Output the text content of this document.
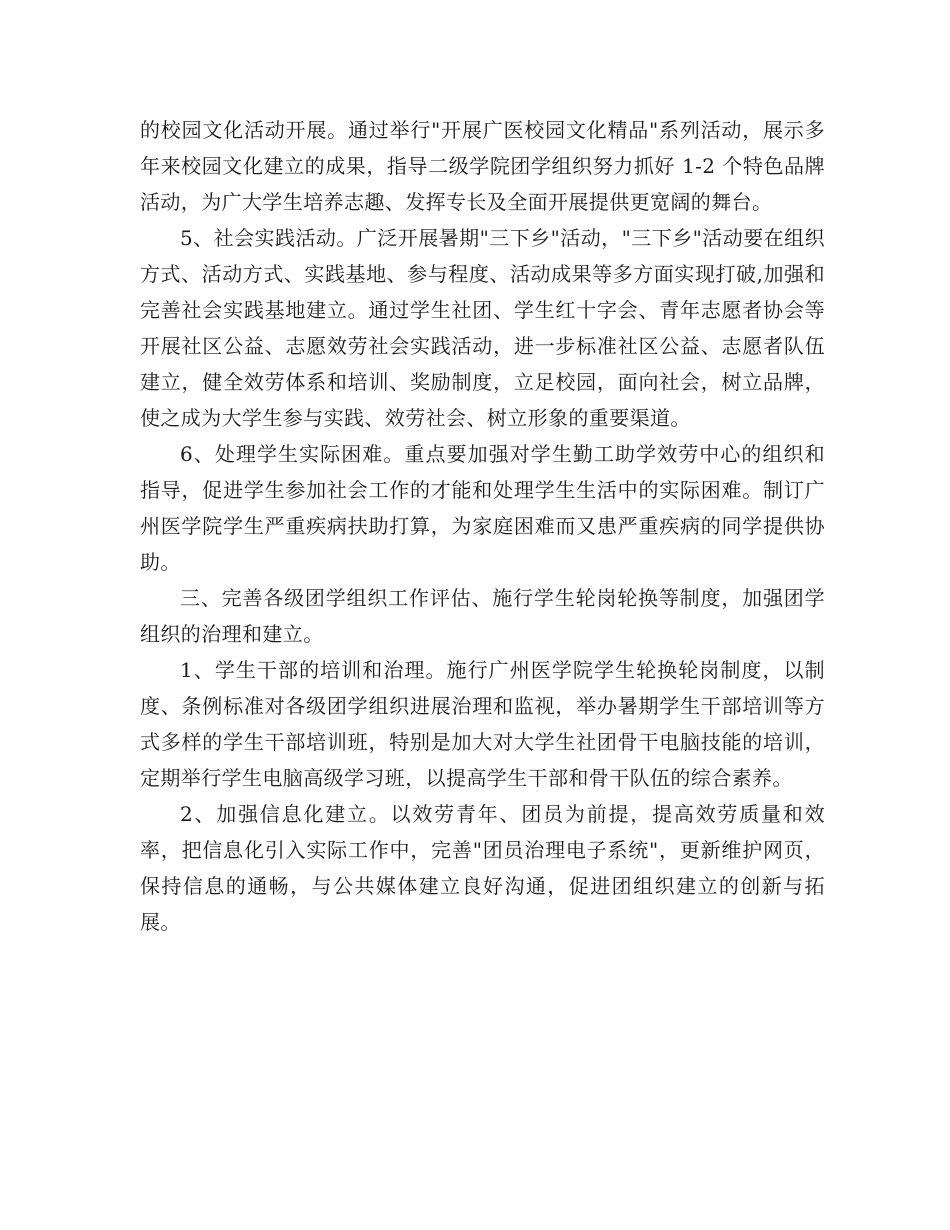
的校园文化活动开展。通过举行"开展广医校园文化精品"系列活动，展示多年来校园文化建立的成果，指导二级学院团学组织努力抓好 1-2 个特色品牌活动，为广大学生培养志趣、发挥专长及全面开展提供更宽阔的舞台。

5、社会实践活动。广泛开展暑期"三下乡"活动，"三下乡"活动要在组织方式、活动方式、实践基地、参与程度、活动成果等多方面实现打破,加强和完善社会实践基地建立。通过学生社团、学生红十字会、青年志愿者协会等开展社区公益、志愿效劳社会实践活动，进一步标准社区公益、志愿者队伍建立，健全效劳体系和培训、奖励制度，立足校园，面向社会，树立品牌，使之成为大学生参与实践、效劳社会、树立形象的重要渠道。

6、处理学生实际困难。重点要加强对学生勤工助学效劳中心的组织和指导，促进学生参加社会工作的才能和处理学生生活中的实际困难。制订广州医学院学生严重疾病扶助打算，为家庭困难而又患严重疾病的同学提供协助。

三、完善各级团学组织工作评估、施行学生轮岗轮换等制度，加强团学组织的治理和建立。

1、学生干部的培训和治理。施行广州医学院学生轮换轮岗制度，以制度、条例标准对各级团学组织进展治理和监视，举办暑期学生干部培训等方式多样的学生干部培训班，特别是加大对大学生社团骨干电脑技能的培训，定期举行学生电脑高级学习班，以提高学生干部和骨干队伍的综合素养。

2、加强信息化建立。以效劳青年、团员为前提，提高效劳质量和效率，把信息化引入实际工作中，完善"团员治理电子系统"，更新维护网页，保持信息的通畅，与公共媒体建立良好沟通，促进团组织建立的创新与拓展。
